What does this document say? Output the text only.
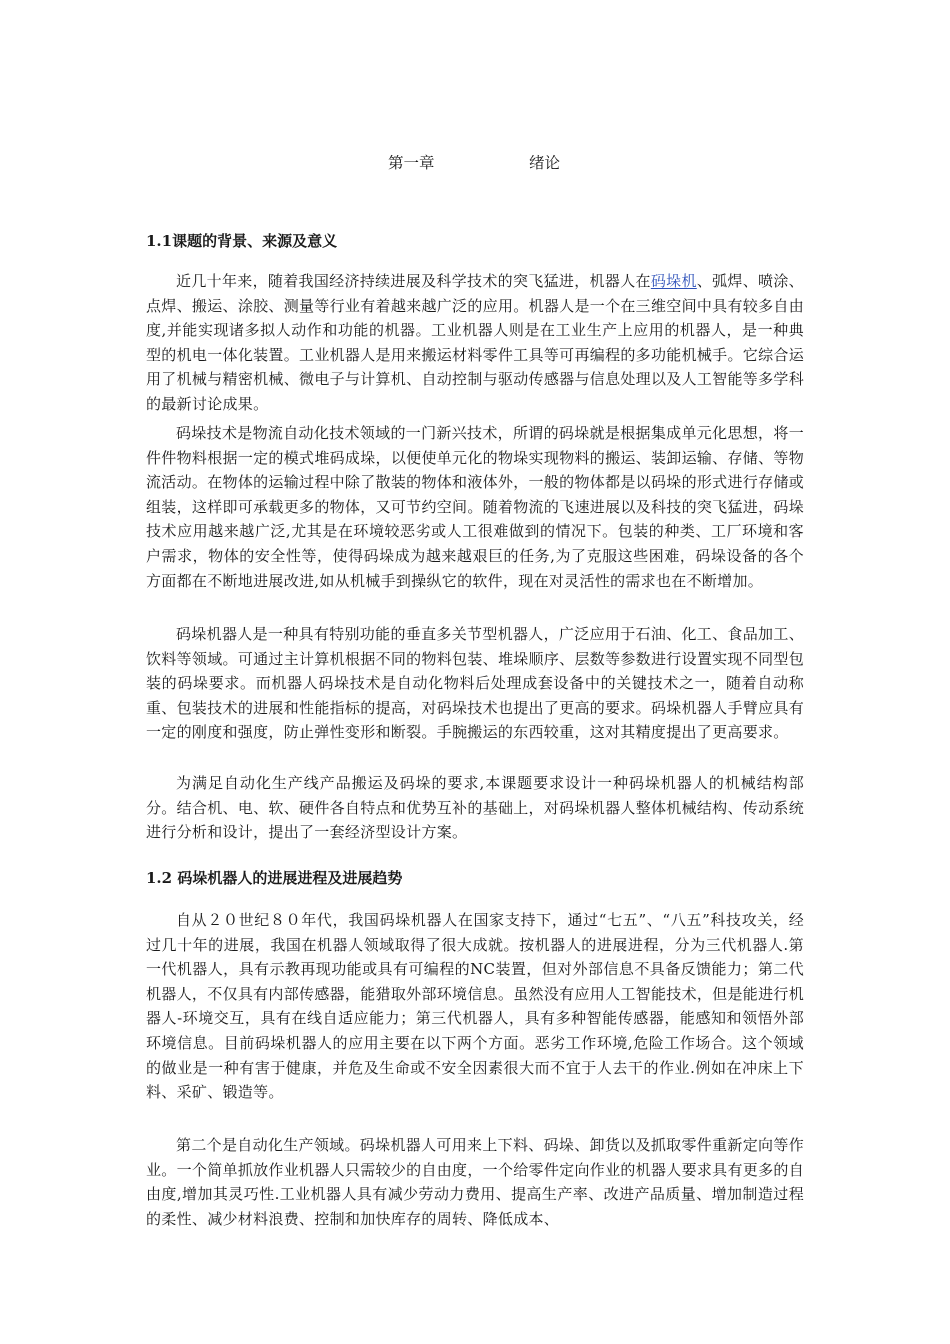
第一章	绪论
1.1课题的背景、来源及意义

近几十年来，随着我国经济持续进展及科学技术的突飞猛进，机器人在码垛机、弧焊、喷涂、点焊、搬运、涂胶、测量等行业有着越来越广泛的应用。机器人是一个在三维空间中具有较多自由度,并能实现诸多拟人动作和功能的机器。工业机器人则是在工业生产上应用的机器人，是一种典型的机电一体化装置。工业机器人是用来搬运材料零件工具等可再编程的多功能机械手。它综合运用了机械与精密机械、微电子与计算机、自动控制与驱动传感器与信息处理以及人工智能等多学科的最新讨论成果。

码垛技术是物流自动化技术领域的一门新兴技术，所谓的码垛就是根据集成单元化思想，将一件件物料根据一定的模式堆码成垛，以便使单元化的物垛实现物料的搬运、装卸运输、存储、等物流活动。在物体的运输过程中除了散装的物体和液体外，一般的物体都是以码垛的形式进行存储或组装，这样即可承载更多的物体，又可节约空间。随着物流的飞速进展以及科技的突飞猛进，码垛技术应用越来越广泛,尤其是在环境较恶劣或人工很难做到的情况下。包装的种类、工厂环境和客户需求，物体的安全性等，使得码垛成为越来越艰巨的任务,为了克服这些困难，码垛设备的各个方面都在不断地进展改进,如从机械手到操纵它的软件，现在对灵活性的需求也在不断增加。

码垛机器人是一种具有特别功能的垂直多关节型机器人，广泛应用于石油、化工、食品加工、饮料等领域。可通过主计算机根据不同的物料包装、堆垛顺序、层数等参数进行设置实现不同型包装的码垛要求。而机器人码垛技术是自动化物料后处理成套设备中的关键技术之一，随着自动称重、包装技术的进展和性能指标的提高，对码垛技术也提出了更高的要求。码垛机器人手臂应具有一定的刚度和强度，防止弹性变形和断裂。手腕搬运的东西较重，这对其精度提出了更高要求。

为满足自动化生产线产品搬运及码垛的要求,本课题要求设计一种码垛机器人的机械结构部分。结合机、电、软、硬件各自特点和优势互补的基础上，对码垛机器人整体机械结构、传动系统进行分析和设计，提出了一套经济型设计方案。

1.2 码垛机器人的进展进程及进展趋势

自从２０世纪８０年代，我国码垛机器人在国家支持下，通过“七五”、“八五”科技攻关，经过几十年的进展，我国在机器人领域取得了很大成就。按机器人的进展进程，分为三代机器人.第一代机器人，具有示教再现功能或具有可编程的NC装置，但对外部信息不具备反馈能力；第二代机器人，不仅具有内部传感器，能猎取外部环境信息。虽然没有应用人工智能技术，但是能进行机器人-环境交互，具有在线自适应能力；第三代机器人，具有多种智能传感器，能感知和领悟外部环境信息。目前码垛机器人的应用主要在以下两个方面。恶劣工作环境,危险工作场合。这个领域的做业是一种有害于健康，并危及生命或不安全因素很大而不宜于人去干的作业.例如在冲床上下料、采矿、锻造等。

第二个是自动化生产领域。码垛机器人可用来上下料、码垛、卸货以及抓取零件重新定向等作业。一个简单抓放作业机器人只需较少的自由度，一个给零件定向作业的机器人要求具有更多的自由度,增加其灵巧性.工业机器人具有减少劳动力费用、提高生产率、改进产品质量、增加制造过程的柔性、减少材料浪费、控制和加快库存的周转、降低成本、
